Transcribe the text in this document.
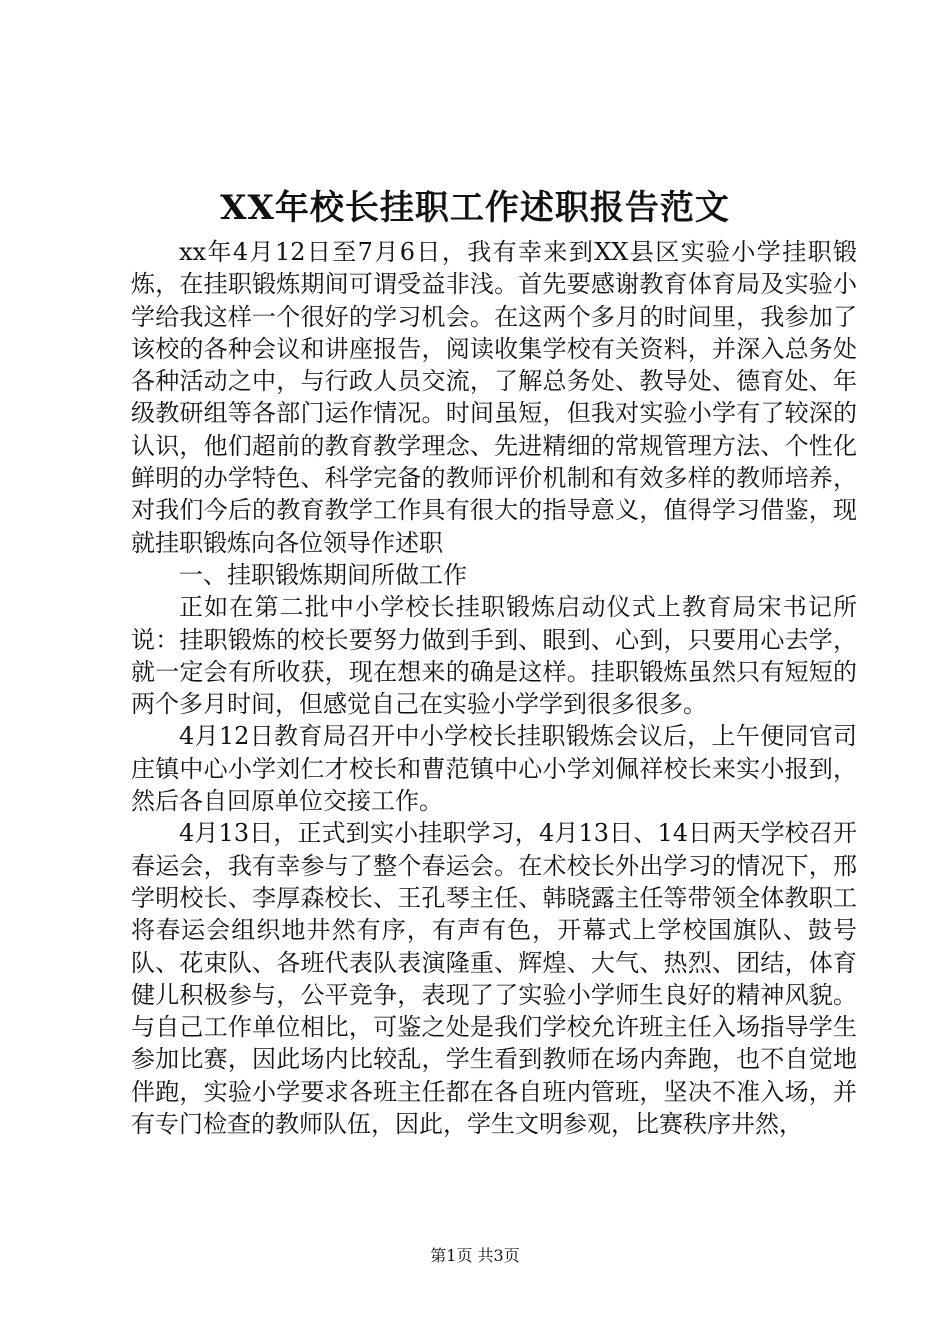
XX年校长挂职工作述职报告范文

xx年4月12日至7月6日，我有幸来到XX县区实验小学挂职锻炼，在挂职锻炼期间可谓受益非浅。首先要感谢教育体育局及实验小学给我这样一个很好的学习机会。在这两个多月的时间里，我参加了该校的各种会议和讲座报告，阅读收集学校有关资料，并深入总务处各种活动之中，与行政人员交流，了解总务处、教导处、德育处、年级教研组等各部门运作情况。时间虽短，但我对实验小学有了较深的认识，他们超前的教育教学理念、先进精细的常规管理方法、个性化鲜明的办学特色、科学完备的教师评价机制和有效多样的教师培养，对我们今后的教育教学工作具有很大的指导意义，值得学习借鉴，现就挂职锻炼向各位领导作述职

一、挂职锻炼期间所做工作

正如在第二批中小学校长挂职锻炼启动仪式上教育局宋书记所说：挂职锻炼的校长要努力做到手到、眼到、心到，只要用心去学，就一定会有所收获，现在想来的确是这样。挂职锻炼虽然只有短短的两个多月时间，但感觉自己在实验小学学到很多很多。

4月12日教育局召开中小学校长挂职锻炼会议后，上午便同官司庄镇中心小学刘仁才校长和曹范镇中心小学刘佩祥校长来实小报到，然后各自回原单位交接工作。

4月13日，正式到实小挂职学习，4月13日、14日两天学校召开春运会，我有幸参与了整个春运会。在术校长外出学习的情况下，邢学明校长、李厚森校长、王孔琴主任、韩晓露主任等带领全体教职工将春运会组织地井然有序，有声有色，开幕式上学校国旗队、鼓号队、花束队、各班代表队表演隆重、辉煌、大气、热烈、团结，体育健儿积极参与，公平竞争，表现了了实验小学师生良好的精神风貌。与自己工作单位相比，可鉴之处是我们学校允许班主任入场指导学生参加比赛，因此场内比较乱，学生看到教师在场内奔跑，也不自觉地伴跑，实验小学要求各班主任都在各自班内管班，坚决不准入场，并有专门检查的教师队伍，因此，学生文明参观，比赛秩序井然，

第1页 共3页
